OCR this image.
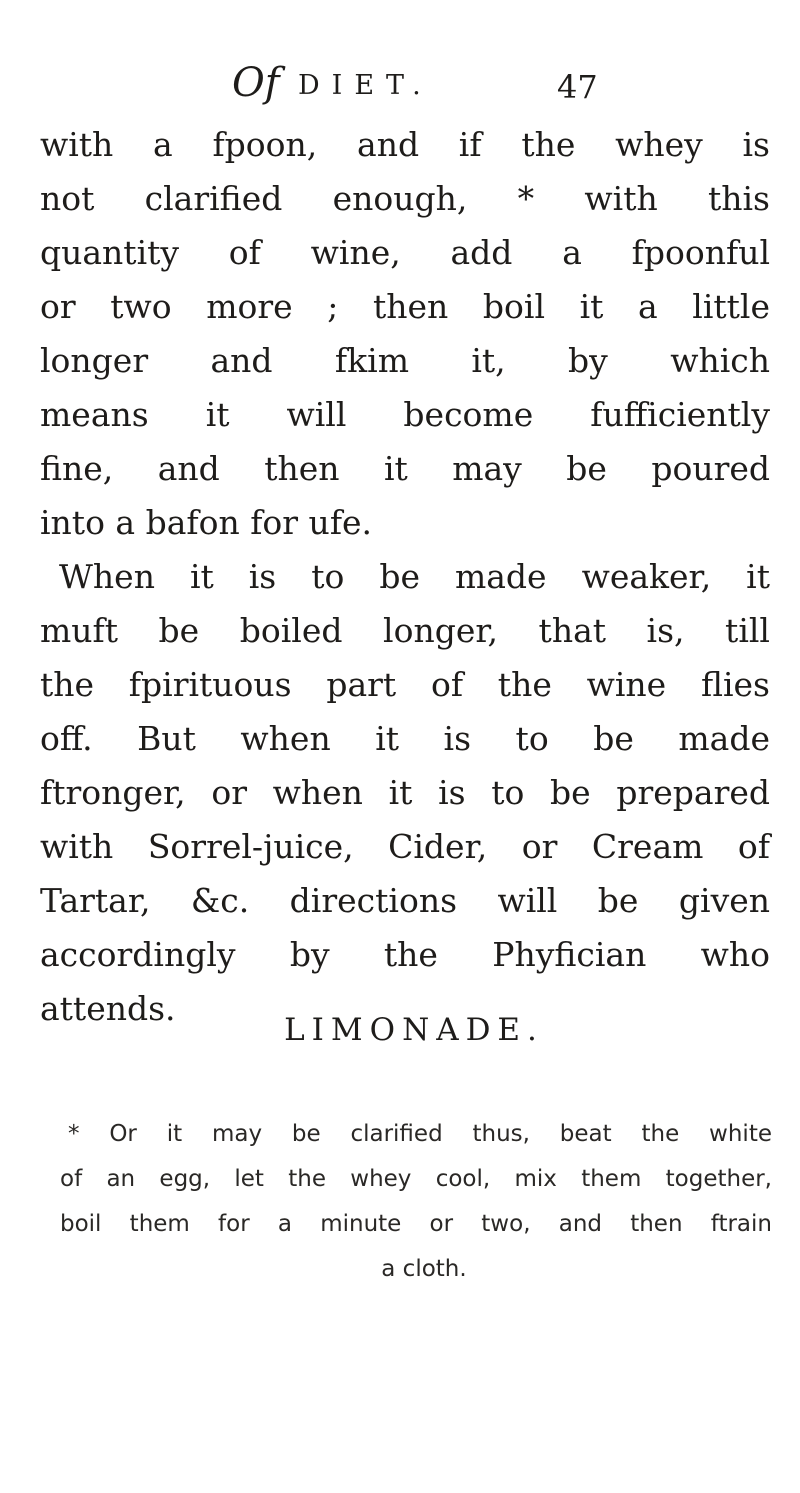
Of DIET.	47
with a fpoon, and if the whey is
not clarified enough, * with this
quantity of wine, add a fpoonful
or two more ; then boil it a little
longer and fkim it, by which
means it will become fufficiently
fine, and then it may be poured
into a bafon for ufe.
When it is to be made weaker, it
muft be boiled longer, that is, till
the fpirituous part of the wine flies
off. But when it is to be made
ftronger, or when it is to be prepared
with Sorrel-juice, Cider, or Cream of
Tartar, &c. directions will be given
accordingly by the Phyfician who
attends.
LIMONADE.
* Or it may be clarified thus, beat the white
of an egg, let the whey cool, mix them together,
boil them for a minute or two, and then ftrain
a cloth.
